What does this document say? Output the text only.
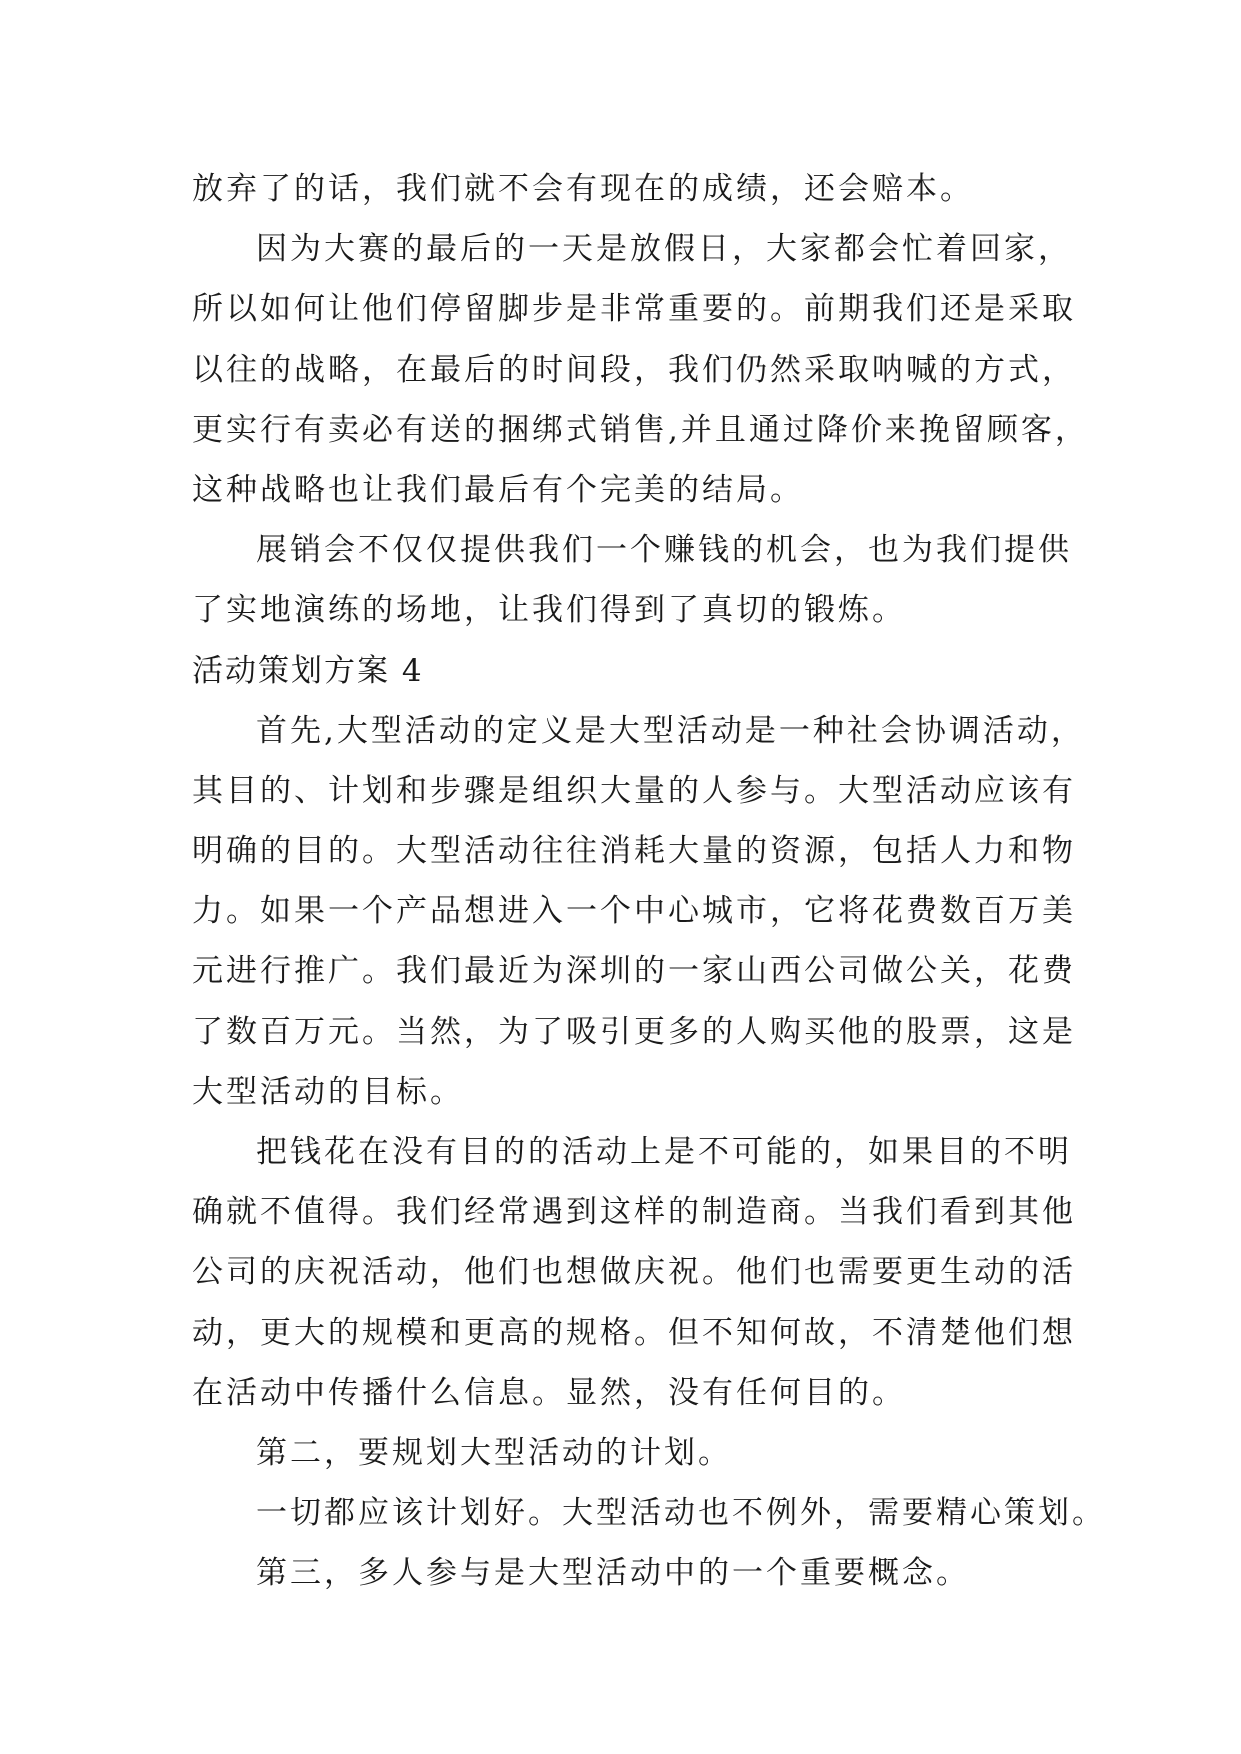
放弃了的话，我们就不会有现在的成绩，还会赔本。
因为大赛的最后的一天是放假日，大家都会忙着回家，
所以如何让他们停留脚步是非常重要的。前期我们还是采取
以往的战略，在最后的时间段，我们仍然采取呐喊的方式，
更实行有卖必有送的捆绑式销售,并且通过降价来挽留顾客，
这种战略也让我们最后有个完美的结局。
展销会不仅仅提供我们一个赚钱的机会，也为我们提供
了实地演练的场地，让我们得到了真切的锻炼。
活动策划方案 4
首先,大型活动的定义是大型活动是一种社会协调活动，
其目的、计划和步骤是组织大量的人参与。大型活动应该有
明确的目的。大型活动往往消耗大量的资源，包括人力和物
力。如果一个产品想进入一个中心城市，它将花费数百万美
元进行推广。我们最近为深圳的一家山西公司做公关，花费
了数百万元。当然，为了吸引更多的人购买他的股票，这是
大型活动的目标。
把钱花在没有目的的活动上是不可能的，如果目的不明
确就不值得。我们经常遇到这样的制造商。当我们看到其他
公司的庆祝活动，他们也想做庆祝。他们也需要更生动的活
动，更大的规模和更高的规格。但不知何故，不清楚他们想
在活动中传播什么信息。显然，没有任何目的。
第二，要规划大型活动的计划。
一切都应该计划好。大型活动也不例外，需要精心策划。
第三，多人参与是大型活动中的一个重要概念。
